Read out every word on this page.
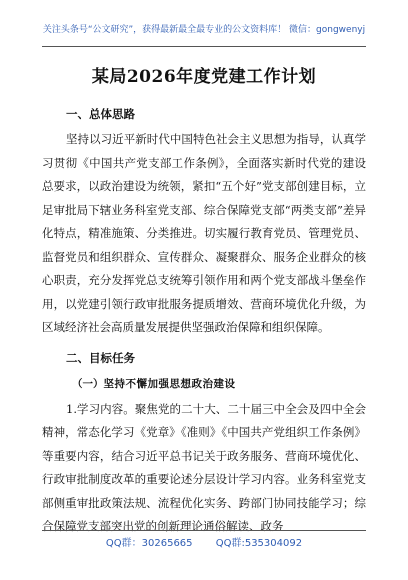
关注头条号“公文研究”，获得最新最全最专业的公文资料库！ 微信：gongwenyj
某局2026年度党建工作计划
一、总体思路

坚持以习近平新时代中国特色社会主义思想为指导，认真学习贯彻《中国共产党支部工作条例》，全面落实新时代党的建设总要求，以政治建设为统领，紧扣“五个好”党支部创建目标，立足审批局下辖业务科室党支部、综合保障党支部“两类支部”差异化特点，精准施策、分类推进。切实履行教育党员、管理党员、监督党员和组织群众、宣传群众、凝聚群众、服务企业群众的核心职责，充分发挥党总支统筹引领作用和两个党支部战斗堡垒作用，以党建引领行政审批服务提质增效、营商环境优化升级，为区域经济社会高质量发展提供坚强政治保障和组织保障。

二、目标任务
（一）坚持不懈加强思想政治建设

1.学习内容。聚焦党的二十大、二十届三中全会及四中全会精神，常态化学习《党章》《准则》《中国共产党组织工作条例》等重要内容，结合习近平总书记关于政务服务、营商环境优化、行政审批制度改革的重要论述分层设计学习内容。业务科室党支部侧重审批政策法规、流程优化实务、跨部门协同技能学习；综合保障党支部突出党的创新理论通俗解读、政务

QQ群：30265665 QQ群:535304092
